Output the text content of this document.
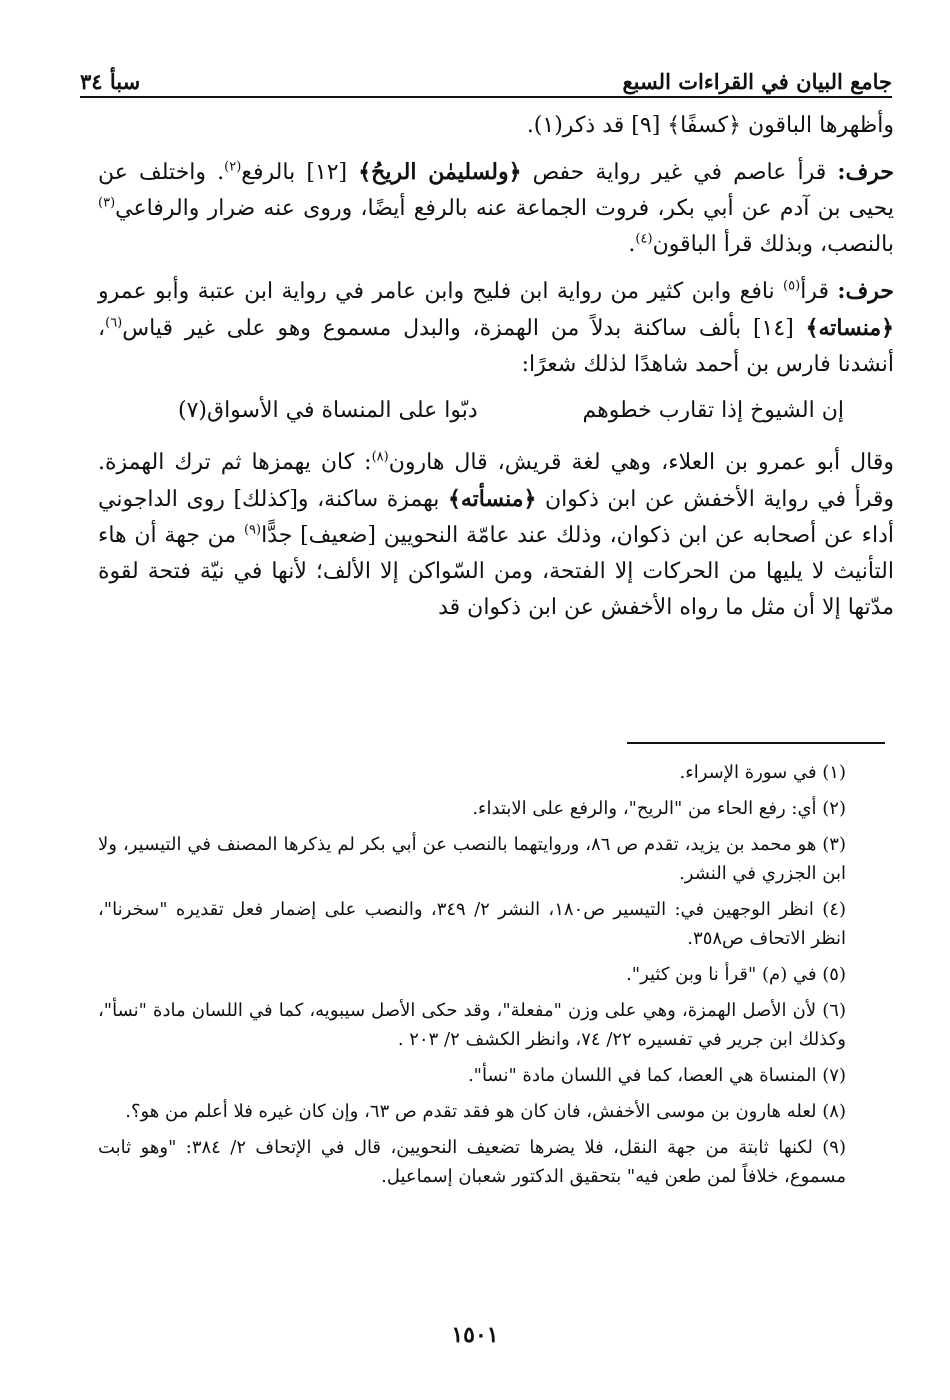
جامع البيان في القراءات السبع
سبأ ٣٤

وأظهرها الباقون ﴿كسفًا﴾ [٩] قد ذكر(١).

حرف: قرأ عاصم في غير رواية حفص ﴿ولسليمٰن الريحُ﴾ [١٢] بالرفع$^{(٢)}$. واختلف عن يحيى بن آدم عن أبي بكر، فروت الجماعة عنه بالرفع أيضًا، وروى عنه ضرار والرفاعي$^{(٣)}$ بالنصب، وبذلك قرأ الباقون$^{(٤)}$.

حرف: قرأ$^{(٥)}$ نافع وابن كثير من رواية ابن فليح وابن عامر في رواية ابن عتبة وأبو عمرو ﴿منساته﴾ [١٤] بألف ساكنة بدلاً من الهمزة، والبدل مسموع وهو على غير قياس$^{(٦)}$، أنشدنا فارس بن أحمد شاهدًا لذلك شعرًا:

إن الشيوخ إذا تقارب خطوهم
دبّوا على المنساة في الأسواق(٧)

وقال أبو عمرو بن العلاء، وهي لغة قريش، قال هارون$^{(٨)}$: كان يهمزها ثم ترك الهمزة. وقرأ في رواية الأخفش عن ابن ذكوان ﴿منسأته﴾ بهمزة ساكنة، و[كذلك] روى الداجوني أداء عن أصحابه عن ابن ذكوان، وذلك عند عامّة النحويين [ضعيف] جدًّا$^{(٩)}$ من جهة أن هاء التأنيث لا يليها من الحركات إلا الفتحة، ومن السّواكن إلا الألف؛ لأنها في نيّة فتحة لقوة مدّتها إلا أن مثل ما رواه الأخفش عن ابن ذكوان قد

(١) في سورة الإسراء.

(٢) أي: رفع الحاء من "الريح"، والرفع على الابتداء.

(٣) هو محمد بن يزيد، تقدم ص ٨٦، وروايتهما بالنصب عن أبي بكر لم يذكرها المصنف في التيسير، ولا ابن الجزري في النشر.

(٤) انظر الوجهين في: التيسير ص١٨٠، النشر ٢/ ٣٤٩، والنصب على إضمار فعل تقديره "سخرنا"، انظر الاتحاف ص٣٥٨.

(٥) في (م) "قرأ نا وبن كثير".

(٦) لأن الأصل الهمزة، وهي على وزن "مفعلة"، وقد حكى الأصل سيبويه، كما في اللسان مادة "نسأ"، وكذلك ابن جرير في تفسيره ٢٢/ ٧٤، وانظر الكشف ٢/ ٢٠٣ .

(٧) المنساة هي العصا، كما في اللسان مادة "نسأ".

(٨) لعله هارون بن موسى الأخفش، فان كان هو فقد تقدم ص ٦٣، وإن كان غيره فلا أعلم من هو؟.

(٩) لكنها ثابتة من جهة النقل، فلا يضرها تضعيف النحويين، قال في الإتحاف ٢/ ٣٨٤: "وهو ثابت مسموع، خلافاً لمن طعن فيه" بتحقيق الدكتور شعبان إسماعيل.

١٥٠١
